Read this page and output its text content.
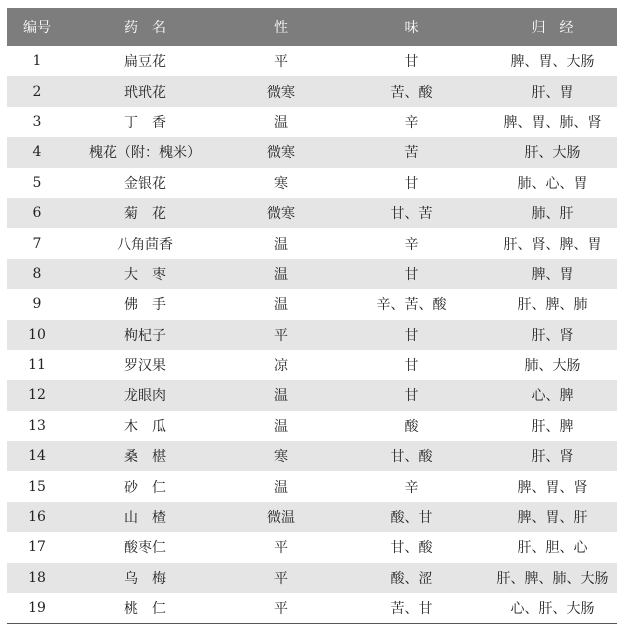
编号	药　名	性	味	归　经
1	扁豆花	平	甘	脾、胃、大肠
2	玳玳花	微寒	苦、酸	肝、胃
3	丁　香	温	辛	脾、胃、肺、肾
4	槐花（附：槐米）	微寒	苦	肝、大肠
5	金银花	寒	甘	肺、心、胃
6	菊　花	微寒	甘、苦	肺、肝
7	八角茴香	温	辛	肝、肾、脾、胃
8	大　枣	温	甘	脾、胃
9	佛　手	温	辛、苦、酸	肝、脾、肺
10	枸杞子	平	甘	肝、肾
11	罗汉果	凉	甘	肺、大肠
12	龙眼肉	温	甘	心、脾
13	木　瓜	温	酸	肝、脾
14	桑　椹	寒	甘、酸	肝、肾
15	砂　仁	温	辛	脾、胃、肾
16	山　楂	微温	酸、甘	脾、胃、肝
17	酸枣仁	平	甘、酸	肝、胆、心
18	乌　梅	平	酸、涩	肝、脾、肺、大肠
19	桃　仁	平	苦、甘	心、肝、大肠
